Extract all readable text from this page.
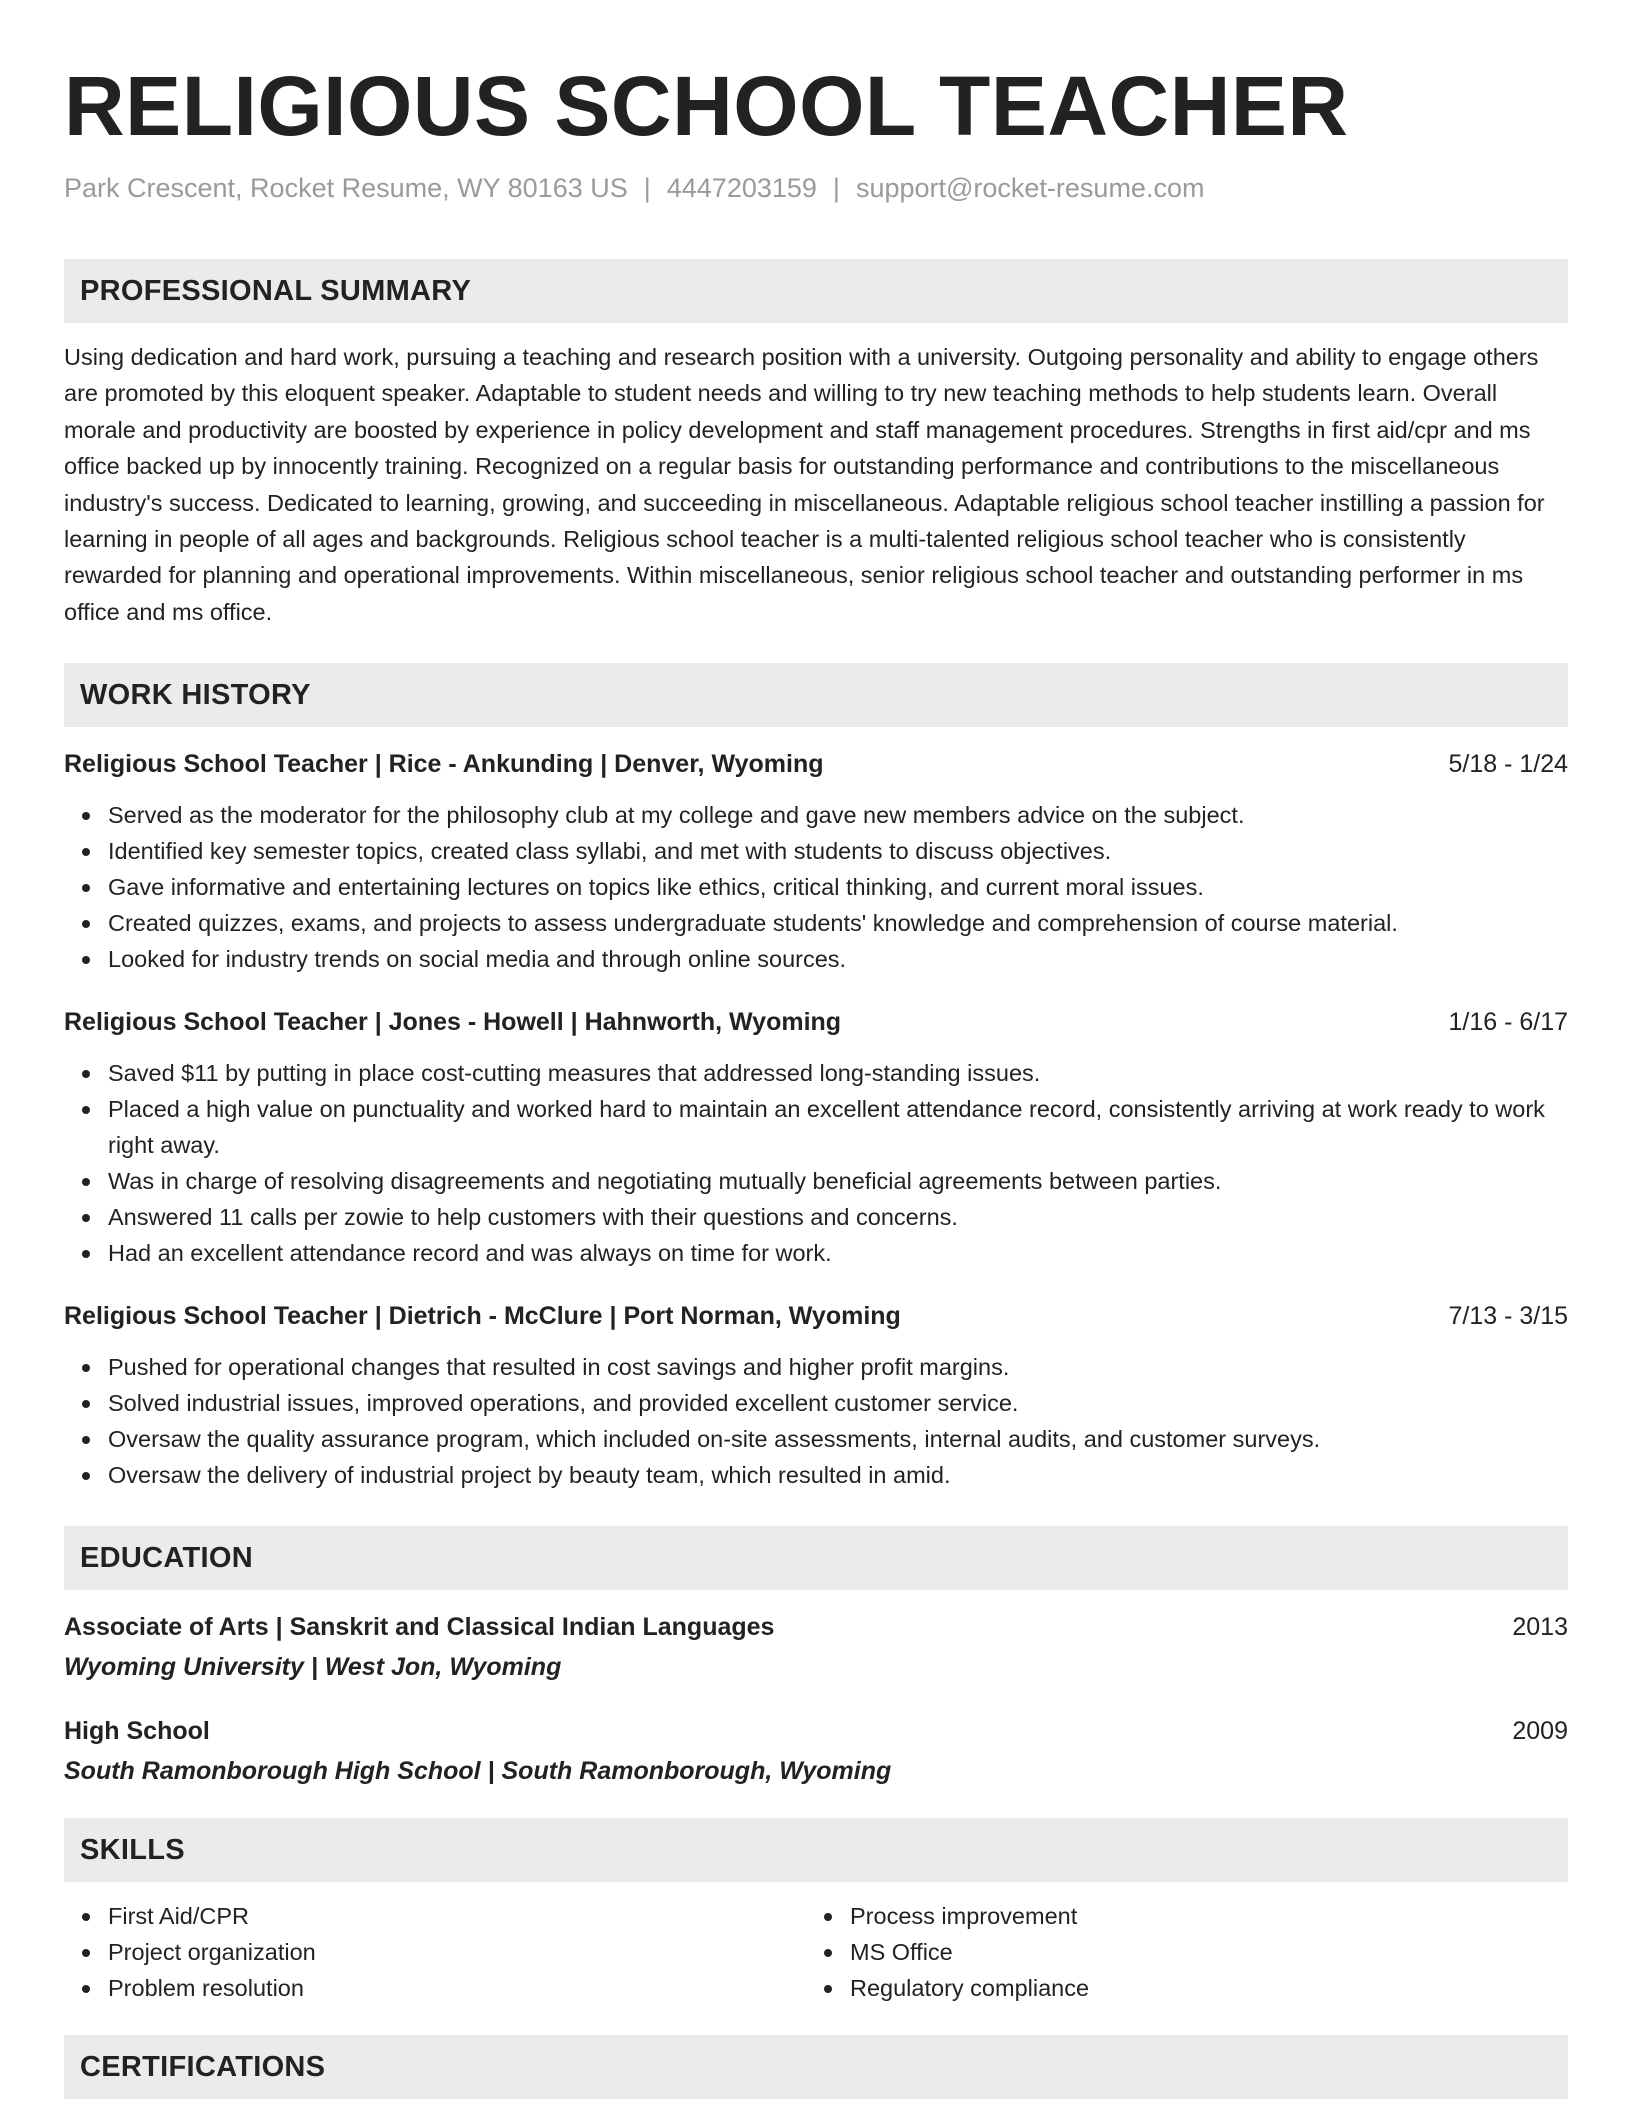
RELIGIOUS SCHOOL TEACHER
Park Crescent, Rocket Resume, WY 80163 US | 4447203159 | support@rocket-resume.com
PROFESSIONAL SUMMARY
Using dedication and hard work, pursuing a teaching and research position with a university. Outgoing personality and ability to engage others are promoted by this eloquent speaker. Adaptable to student needs and willing to try new teaching methods to help students learn. Overall morale and productivity are boosted by experience in policy development and staff management procedures. Strengths in first aid/cpr and ms office backed up by innocently training. Recognized on a regular basis for outstanding performance and contributions to the miscellaneous industry's success. Dedicated to learning, growing, and succeeding in miscellaneous. Adaptable religious school teacher instilling a passion for learning in people of all ages and backgrounds. Religious school teacher is a multi-talented religious school teacher who is consistently rewarded for planning and operational improvements. Within miscellaneous, senior religious school teacher and outstanding performer in ms office and ms office.
WORK HISTORY
Religious School Teacher | Rice - Ankunding | Denver, Wyoming	5/18 - 1/24
Served as the moderator for the philosophy club at my college and gave new members advice on the subject.
Identified key semester topics, created class syllabi, and met with students to discuss objectives.
Gave informative and entertaining lectures on topics like ethics, critical thinking, and current moral issues.
Created quizzes, exams, and projects to assess undergraduate students' knowledge and comprehension of course material.
Looked for industry trends on social media and through online sources.
Religious School Teacher | Jones - Howell | Hahnworth, Wyoming	1/16 - 6/17
Saved $11 by putting in place cost-cutting measures that addressed long-standing issues.
Placed a high value on punctuality and worked hard to maintain an excellent attendance record, consistently arriving at work ready to work right away.
Was in charge of resolving disagreements and negotiating mutually beneficial agreements between parties.
Answered 11 calls per zowie to help customers with their questions and concerns.
Had an excellent attendance record and was always on time for work.
Religious School Teacher | Dietrich - McClure | Port Norman, Wyoming	7/13 - 3/15
Pushed for operational changes that resulted in cost savings and higher profit margins.
Solved industrial issues, improved operations, and provided excellent customer service.
Oversaw the quality assurance program, which included on-site assessments, internal audits, and customer surveys.
Oversaw the delivery of industrial project by beauty team, which resulted in amid.
EDUCATION
Associate of Arts | Sanskrit and Classical Indian Languages	2013
Wyoming University | West Jon, Wyoming
High School	2009
South Ramonborough High School | South Ramonborough, Wyoming
SKILLS
First Aid/CPR
Project organization
Problem resolution
Process improvement
MS Office
Regulatory compliance
CERTIFICATIONS
